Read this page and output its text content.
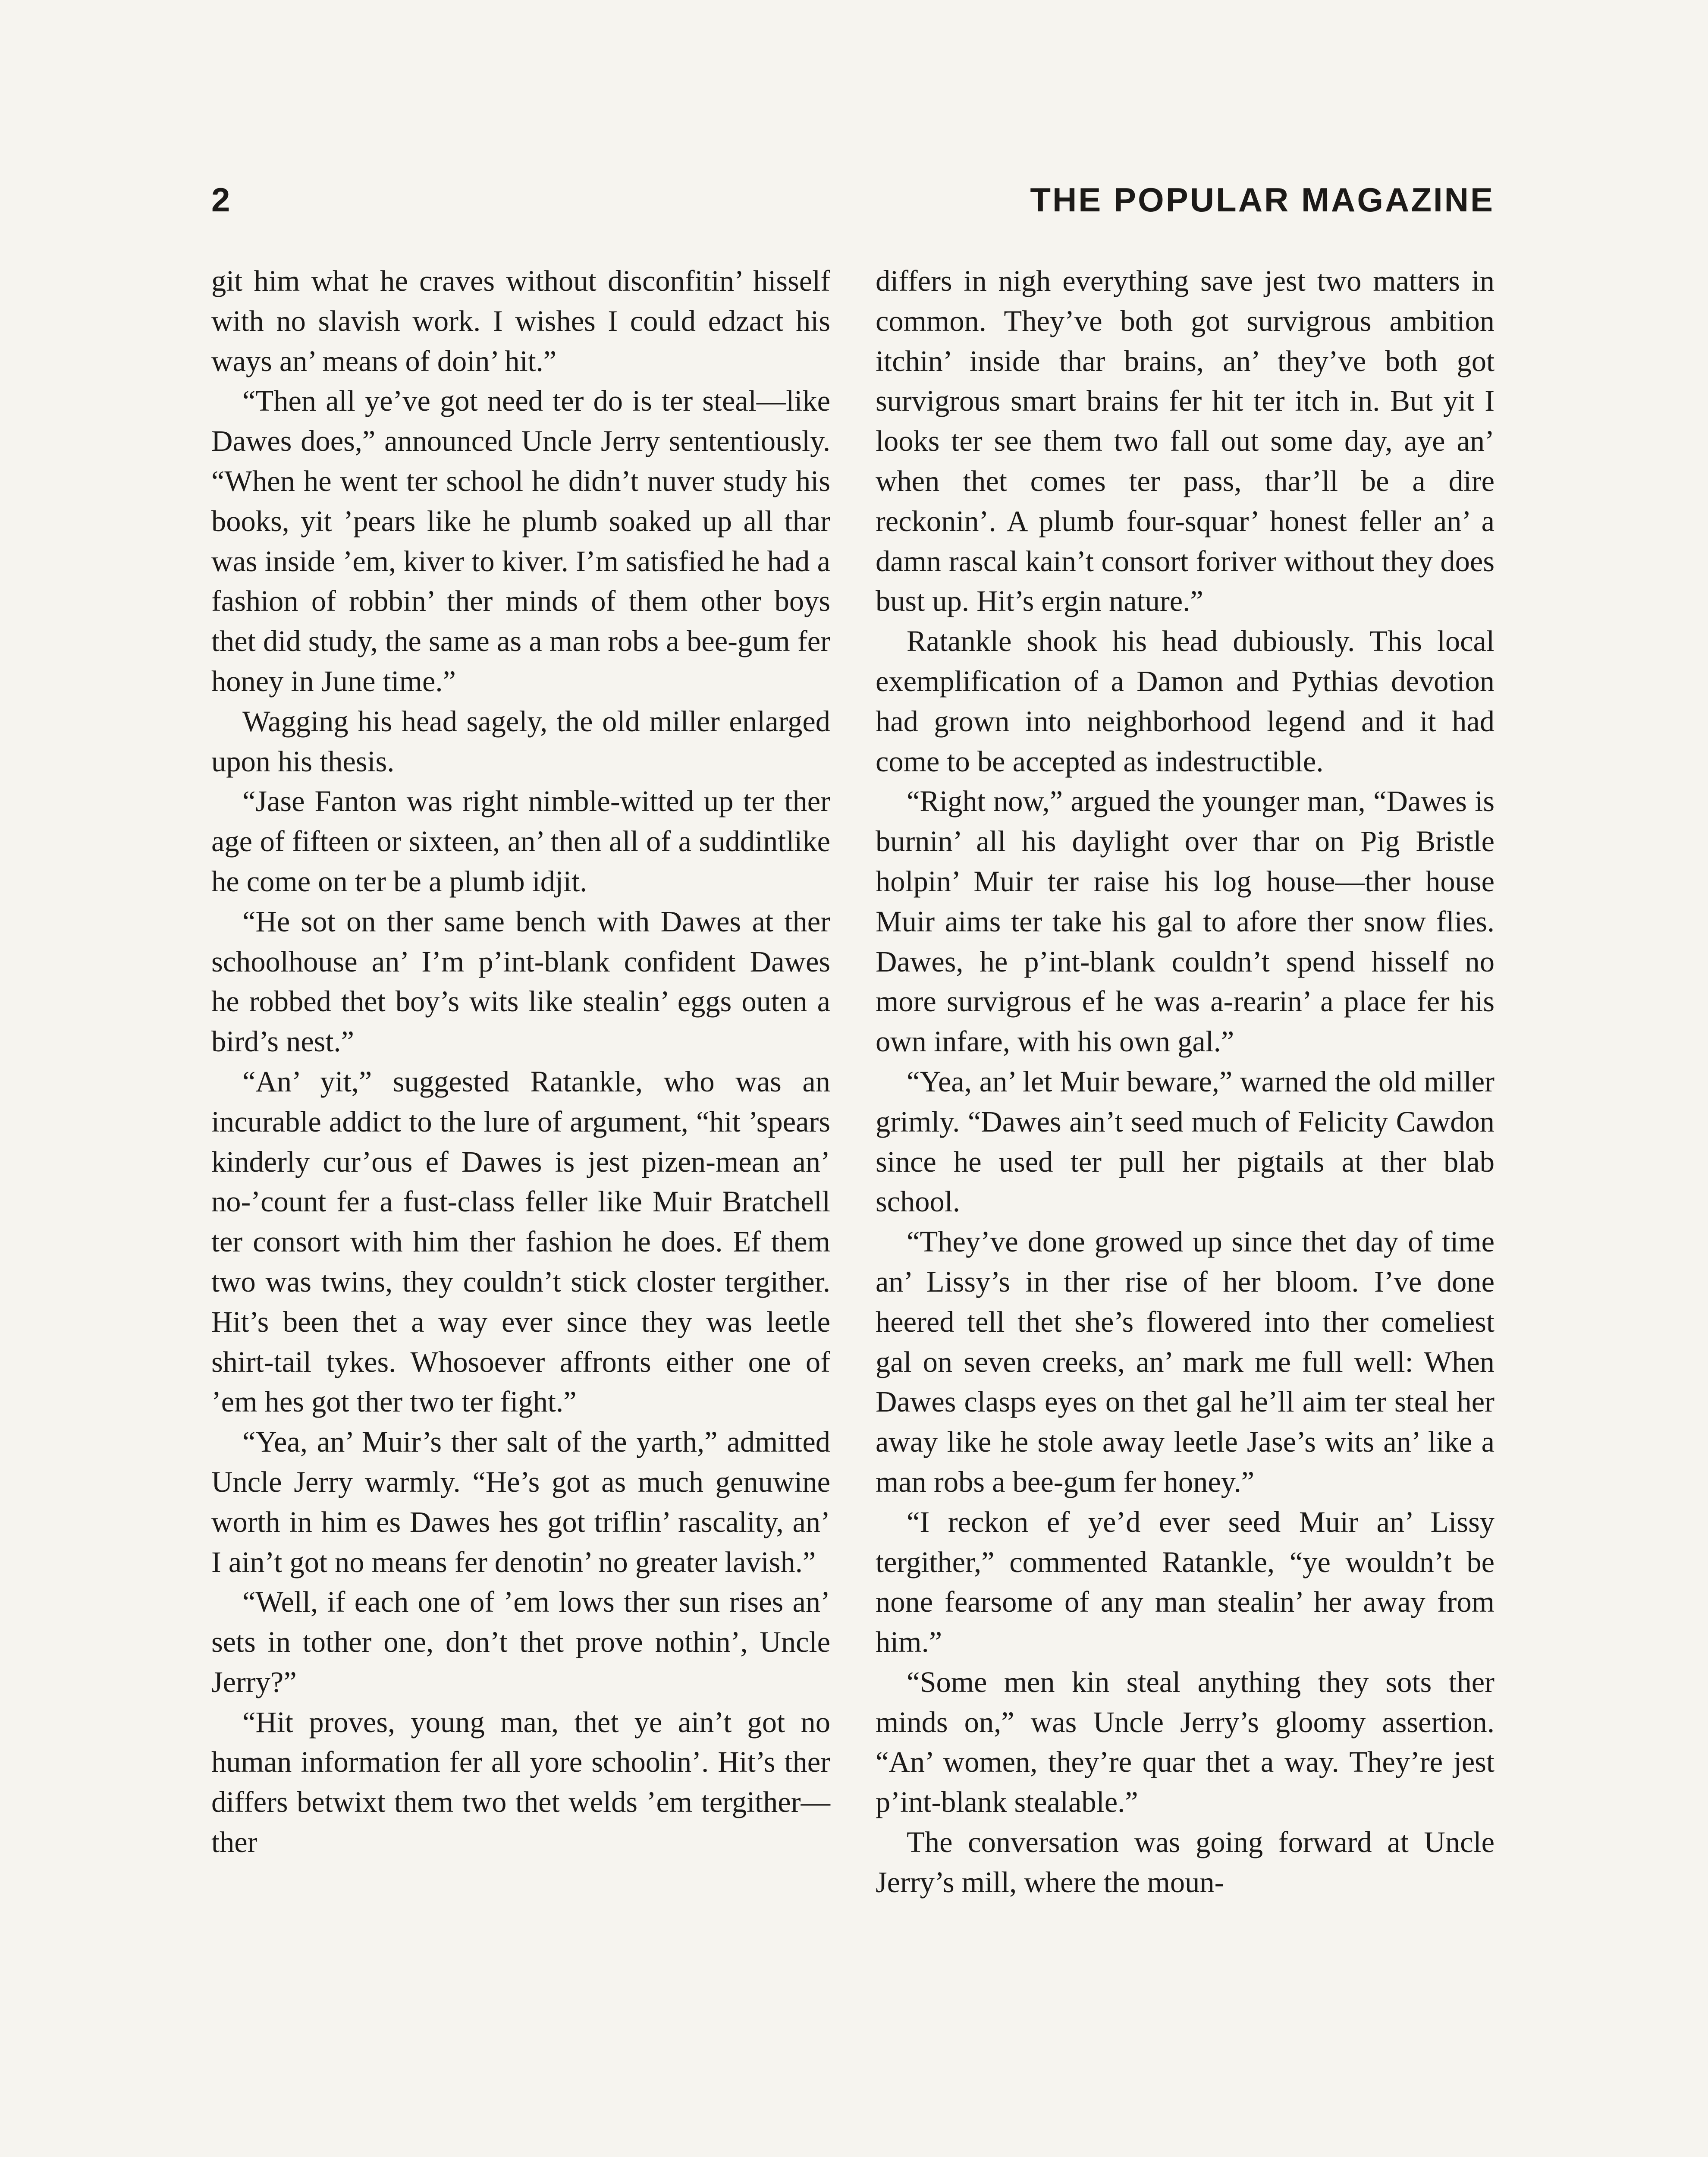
2	THE POPULAR MAGAZINE

git him what he craves without disconfitin’ hisself with no slavish work. I wishes I could edzact his ways an’ means of doin’ hit.”

“Then all ye’ve got need ter do is ter steal—like Dawes does,” announced Uncle Jerry sententiously. “When he went ter school he didn’t nuver study his books, yit ’pears like he plumb soaked up all thar was inside ’em, kiver to kiver. I’m satisfied he had a fashion of robbin’ ther minds of them other boys thet did study, the same as a man robs a bee-gum fer honey in June time.”

Wagging his head sagely, the old miller enlarged upon his thesis.

“Jase Fanton was right nimble-witted up ter ther age of fifteen or sixteen, an’ then all of a suddintlike he come on ter be a plumb idjit.

“He sot on ther same bench with Dawes at ther schoolhouse an’ I’m p’int-blank confident Dawes he robbed thet boy’s wits like stealin’ eggs outen a bird’s nest.”

“An’ yit,” suggested Ratankle, who was an incurable addict to the lure of argument, “hit ’spears kinderly cur’ous ef Dawes is jest pizen-mean an’ no-’count fer a fust-class feller like Muir Bratchell ter consort with him ther fashion he does. Ef them two was twins, they couldn’t stick closter tergither. Hit’s been thet a way ever since they was leetle shirt-tail tykes. Whosoever affronts either one of ’em hes got ther two ter fight.”

“Yea, an’ Muir’s ther salt of the yarth,” admitted Uncle Jerry warmly. “He’s got as much genuwine worth in him es Dawes hes got triflin’ rascality, an’ I ain’t got no means fer denotin’ no greater lavish.”

“Well, if each one of ’em lows ther sun rises an’ sets in tother one, don’t thet prove nothin’, Uncle Jerry?”

“Hit proves, young man, thet ye ain’t got no human information fer all yore schoolin’. Hit’s ther differs betwixt them two thet welds ’em tergither—ther

differs in nigh everything save jest two matters in common. They’ve both got survigrous ambition itchin’ inside thar brains, an’ they’ve both got survigrous smart brains fer hit ter itch in. But yit I looks ter see them two fall out some day, aye an’ when thet comes ter pass, thar’ll be a dire reckonin’. A plumb four-squar’ honest feller an’ a damn rascal kain’t consort foriver without they does bust up. Hit’s ergin nature.”

Ratankle shook his head dubiously. This local exemplification of a Damon and Pythias devotion had grown into neighborhood legend and it had come to be accepted as indestructible.

“Right now,” argued the younger man, “Dawes is burnin’ all his daylight over thar on Pig Bristle holpin’ Muir ter raise his log house—ther house Muir aims ter take his gal to afore ther snow flies. Dawes, he p’int-blank couldn’t spend hisself no more survigrous ef he was a-rearin’ a place fer his own infare, with his own gal.”

“Yea, an’ let Muir beware,” warned the old miller grimly. “Dawes ain’t seed much of Felicity Cawdon since he used ter pull her pigtails at ther blab school.

“They’ve done growed up since thet day of time an’ Lissy’s in ther rise of her bloom. I’ve done heered tell thet she’s flowered into ther comeliest gal on seven creeks, an’ mark me full well: When Dawes clasps eyes on thet gal he’ll aim ter steal her away like he stole away leetle Jase’s wits an’ like a man robs a bee-gum fer honey.”

“I reckon ef ye’d ever seed Muir an’ Lissy tergither,” commented Ratankle, “ye wouldn’t be none fearsome of any man stealin’ her away from him.”

“Some men kin steal anything they sots ther minds on,” was Uncle Jerry’s gloomy assertion. “An’ women, they’re quar thet a way. They’re jest p’int-blank stealable.”

The conversation was going forward at Uncle Jerry’s mill, where the moun-
